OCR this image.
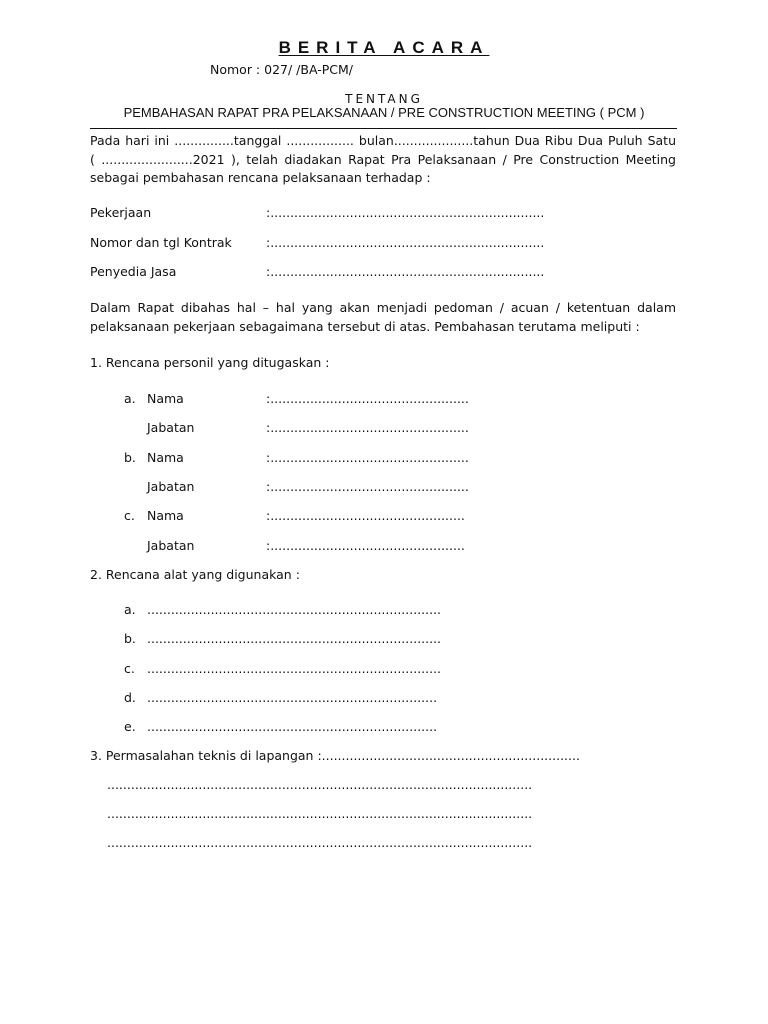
BERITA ACARA
Nomor : 027/ /BA-PCM/
TENTANG
PEMBAHASAN RAPAT PRA PELAKSANAAN / PRE CONSTRUCTION MEETING ( PCM )

Pada hari ini ...............tanggal ................. bulan....................tahun Dua Ribu Dua Puluh Satu

( .......................2021 ), telah diadakan Rapat Pra Pelaksanaan / Pre Construction Meeting

sebagai pembahasan rencana pelaksanaan terhadap :

Pekerjaan	:.....................................................................
Nomor dan tgl Kontrak	:.....................................................................
Penyedia Jasa	:.....................................................................

Dalam Rapat dibahas hal – hal yang akan menjadi pedoman / acuan / ketentuan dalam

pelaksanaan pekerjaan sebagaimana tersebut di atas. Pembahasan terutama meliputi :

1. Rencana personil yang ditugaskan :
a. Nama	:..................................................
Jabatan	:..................................................
b. Nama	:..................................................
Jabatan	:..................................................
c. Nama	:.................................................
Jabatan	:.................................................
2. Rencana alat yang digunakan :
a. ..........................................................................
b. ..........................................................................
c. ..........................................................................
d. .........................................................................
e. .........................................................................
3. Permasalahan teknis di lapangan :.................................................................
...........................................................................................................
...........................................................................................................
...........................................................................................................
